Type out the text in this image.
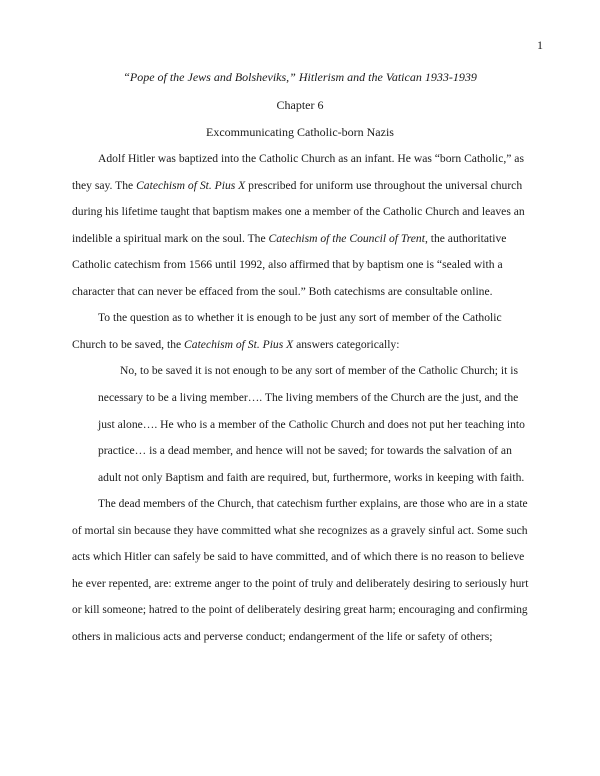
1
“Pope of the Jews and Bolsheviks,” Hitlerism and the Vatican 1933-1939
Chapter 6
Excommunicating Catholic-born Nazis
Adolf Hitler was baptized into the Catholic Church as an infant. He was “born Catholic,” as
they say. The Catechism of St. Pius X prescribed for uniform use throughout the universal church
during his lifetime taught that baptism makes one a member of the Catholic Church and leaves an
indelible a spiritual mark on the soul. The Catechism of the Council of Trent, the authoritative
Catholic catechism from 1566 until 1992, also affirmed that by baptism one is “sealed with a
character that can never be effaced from the soul.” Both catechisms are consultable online.
To the question as to whether it is enough to be just any sort of member of the Catholic
Church to be saved, the Catechism of St. Pius X answers categorically:
No, to be saved it is not enough to be any sort of member of the Catholic Church; it is
necessary to be a living member…. The living members of the Church are the just, and the
just alone…. He who is a member of the Catholic Church and does not put her teaching into
practice… is a dead member, and hence will not be saved; for towards the salvation of an
adult not only Baptism and faith are required, but, furthermore, works in keeping with faith.
The dead members of the Church, that catechism further explains, are those who are in a state
of mortal sin because they have committed what she recognizes as a gravely sinful act. Some such
acts which Hitler can safely be said to have committed, and of which there is no reason to believe
he ever repented, are: extreme anger to the point of truly and deliberately desiring to seriously hurt
or kill someone; hatred to the point of deliberately desiring great harm; encouraging and confirming
others in malicious acts and perverse conduct; endangerment of the life or safety of others;
